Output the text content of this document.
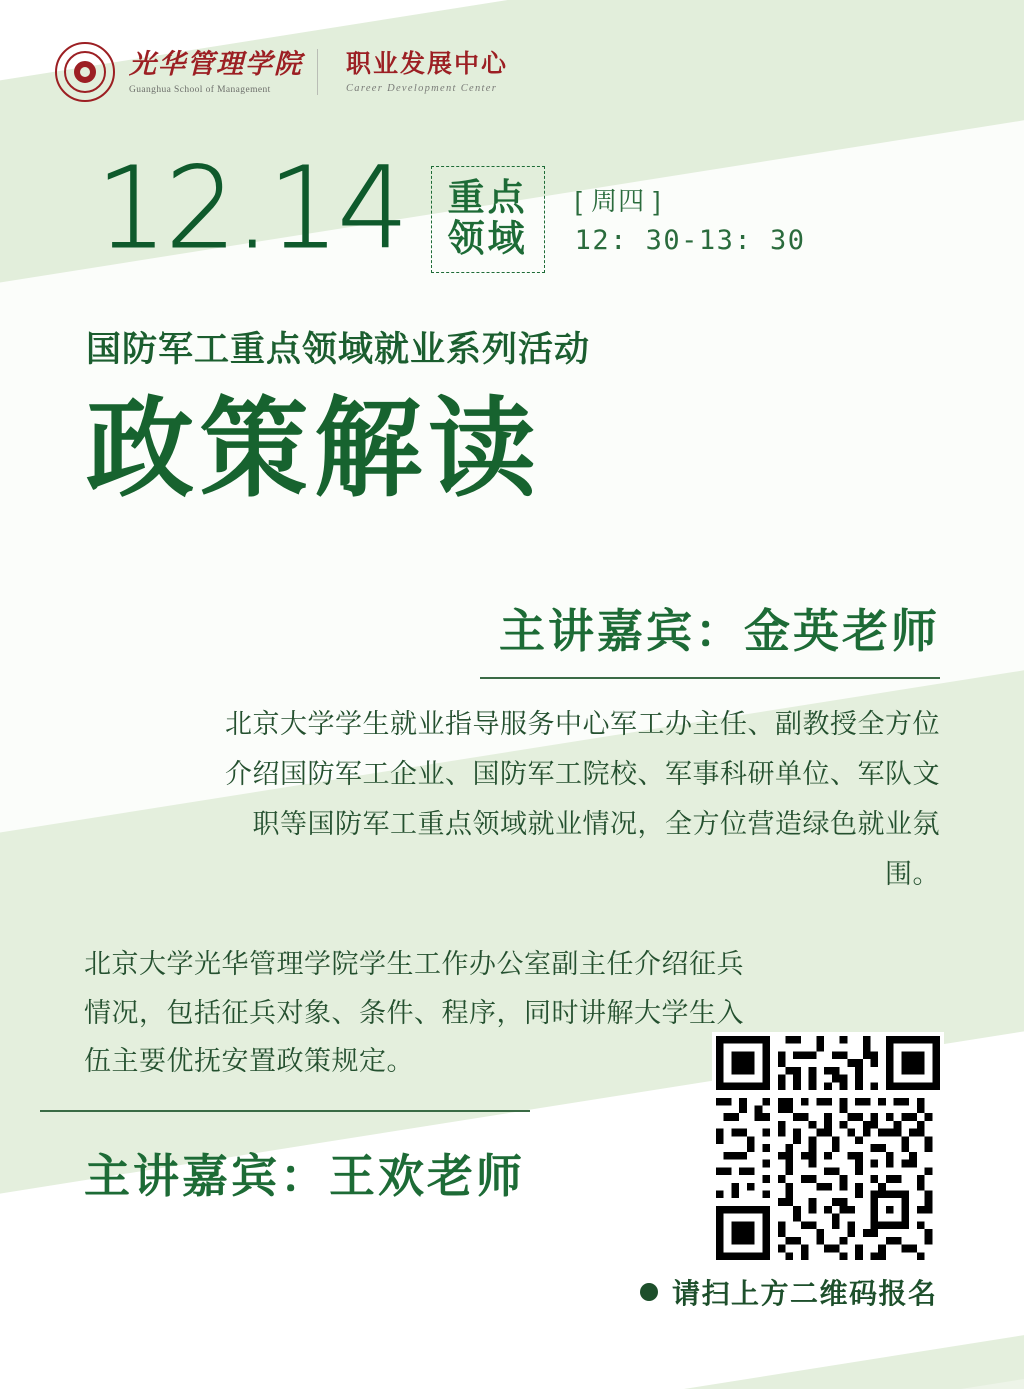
光华管理学院
Guanghua School of Management
职业发展中心
Career Development Center
12.14 重点
领域
[ 周四 ]
12: 30-13: 30
国防军工重点领域就业系列活动
政策解读
主讲嘉宾：金英老师
北京大学学生就业指导服务中心军工办主任、副教授全方位介绍国防军工企业、国防军工院校、军事科研单位、军队文职等国防军工重点领域就业情况，全方位营造绿色就业氛围。
北京大学光华管理学院学生工作办公室副主任介绍征兵情况，包括征兵对象、条件、程序，同时讲解大学生入伍主要优抚安置政策规定。
主讲嘉宾：王欢老师
请扫上方二维码报名
